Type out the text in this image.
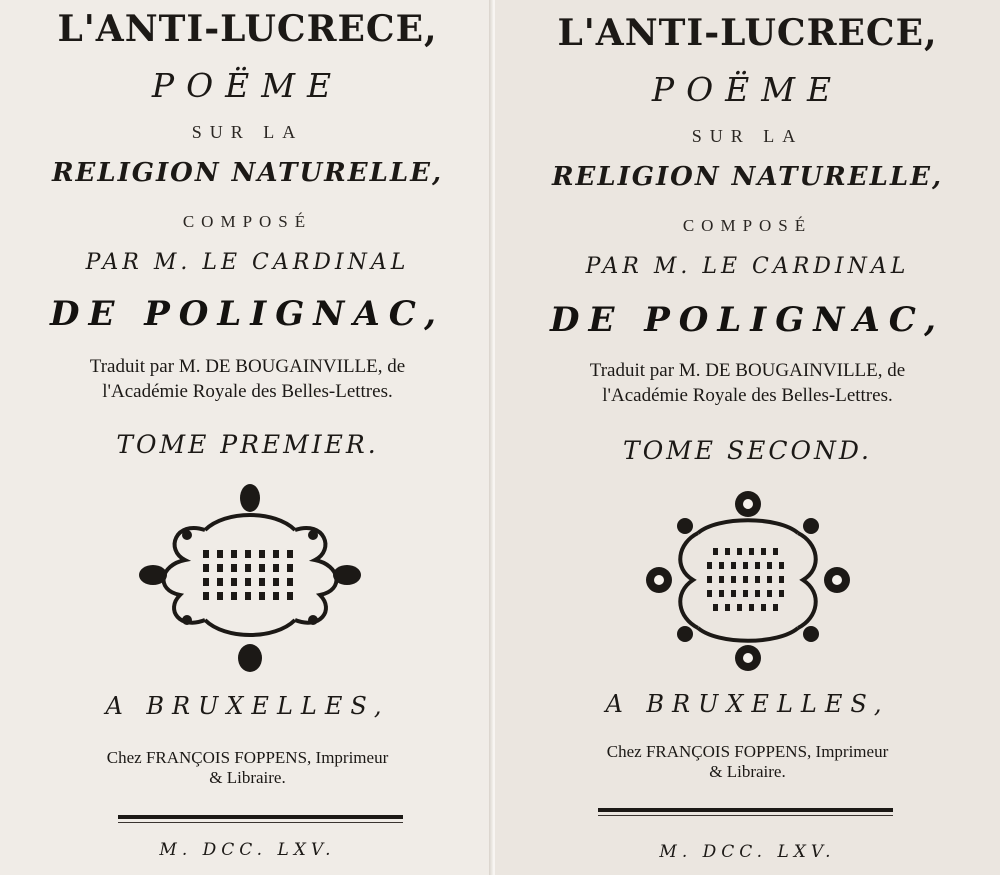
L'ANTI-LUCRECE,
POËME
SUR LA
RELIGION NATURELLE,
COMPOSÉ
PAR M. LE CARDINAL
DE POLIGNAC,
Traduit par M. DE BOUGAINVILLE, de
l'Académie Royale des Belles-Lettres.
TOME PREMIER.
A BRUXELLES,
Chez FRANÇOIS FOPPENS, Imprimeur
& Libraire.
M. DCC. LXV.
L'ANTI-LUCRECE,
POËME
SUR LA
RELIGION NATURELLE,
COMPOSÉ
PAR M. LE CARDINAL
DE POLIGNAC,
Traduit par M. DE BOUGAINVILLE, de
l'Académie Royale des Belles-Lettres.
TOME SECOND.
A BRUXELLES,
Chez FRANÇOIS FOPPENS, Imprimeur
& Libraire.
M. DCC. LXV.
